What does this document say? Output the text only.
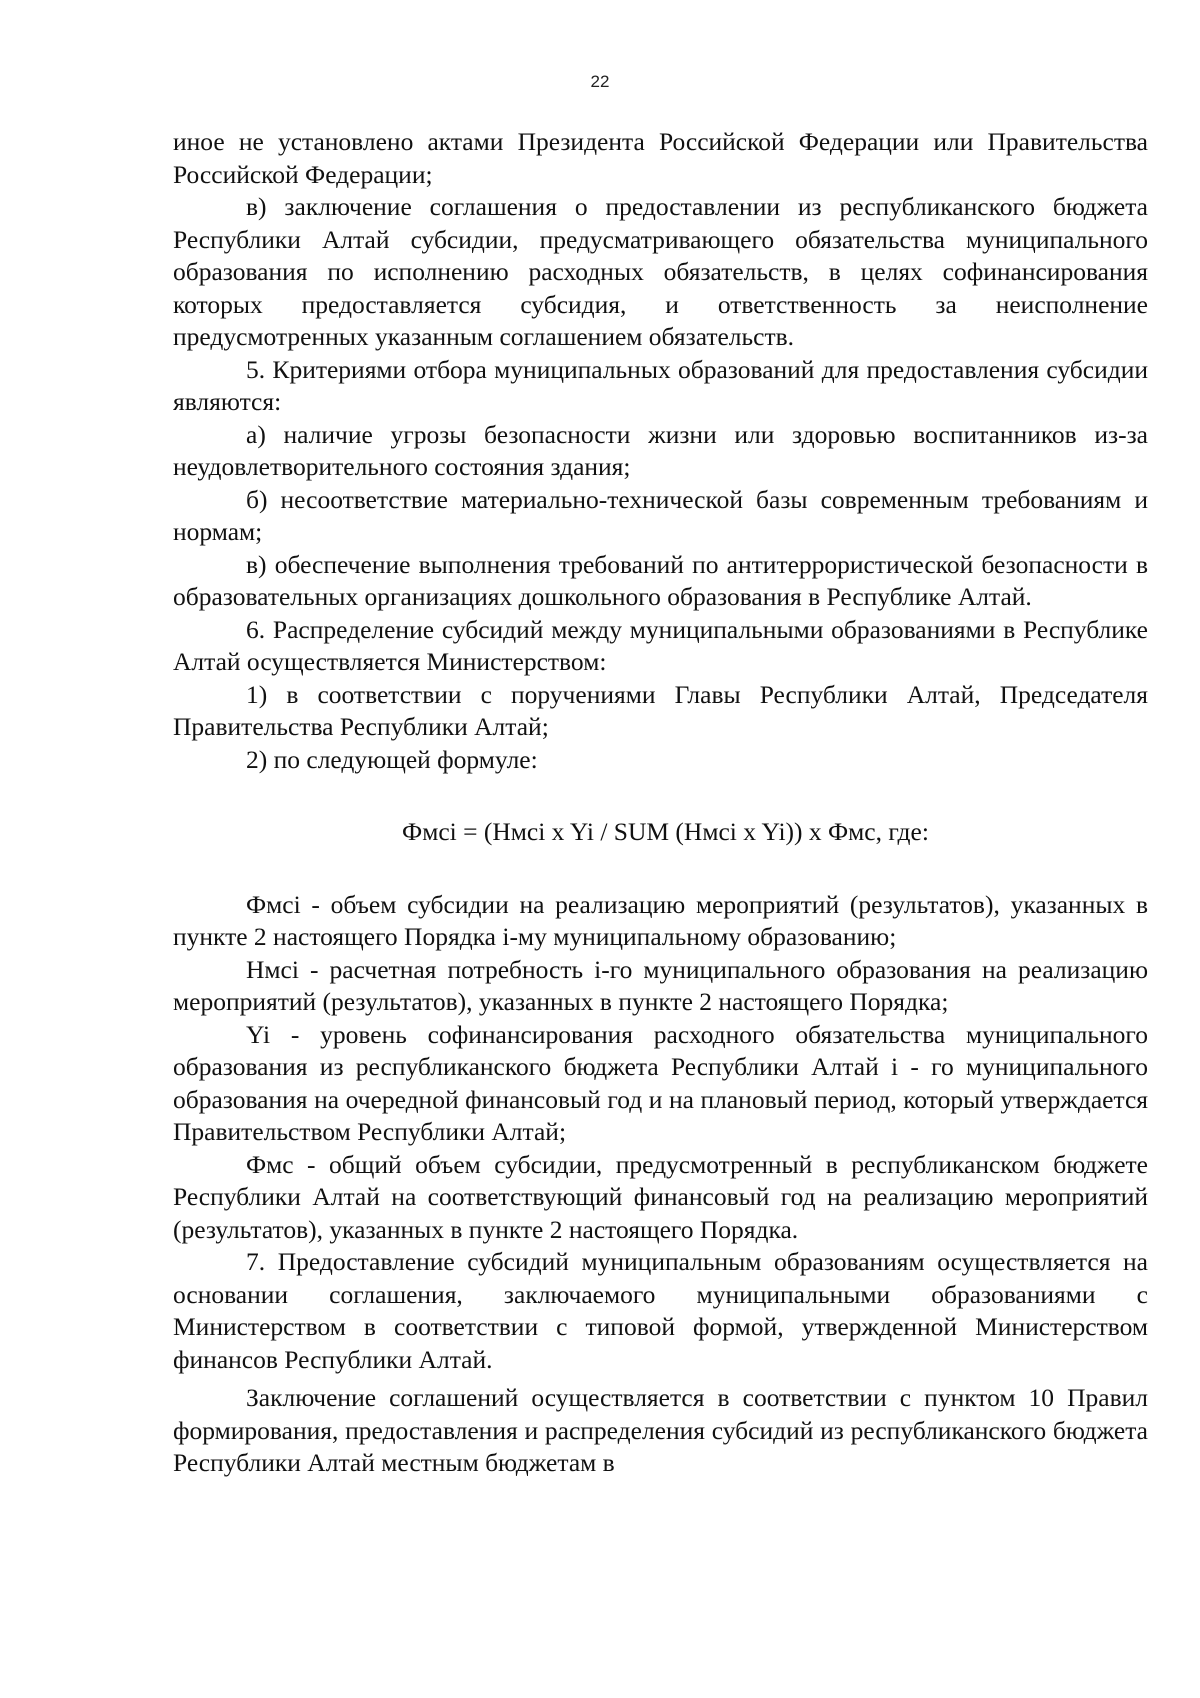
22

иное не установлено актами Президента Российской Федерации или Правительства Российской Федерации;

в) заключение соглашения о предоставлении из республиканского бюджета Республики Алтай субсидии, предусматривающего обязательства муниципального образования по исполнению расходных обязательств, в целях софинансирования которых предоставляется субсидия, и ответственность за неисполнение предусмотренных указанным соглашением обязательств.

5. Критериями отбора муниципальных образований для предоставления субсидии являются:

а) наличие угрозы безопасности жизни или здоровью воспитанников из-за неудовлетворительного состояния здания;

б) несоответствие материально-технической базы современным требованиям и нормам;

в) обеспечение выполнения требований по антитеррористической безопасности в образовательных организациях дошкольного образования в Республике Алтай.

6. Распределение субсидий между муниципальными образованиями в Республике Алтай осуществляется Министерством:

1) в соответствии с поручениями Главы Республики Алтай, Председателя Правительства Республики Алтай;

2) по следующей формуле:

Фмсi = (Нмсi x Yi / SUM (Нмсi x Yi)) x Фмс, где:

Фмсi - объем субсидии на реализацию мероприятий (результатов), указанных в пункте 2 настоящего Порядка i-му муниципальному образованию;

Нмсi - расчетная потребность i-го муниципального образования на реализацию мероприятий (результатов), указанных в пункте 2 настоящего Порядка;

Yi - уровень софинансирования расходного обязательства муниципального образования из республиканского бюджета Республики Алтай i - го муниципального образования на очередной финансовый год и на плановый период, который утверждается Правительством Республики Алтай;

Фмс - общий объем субсидии, предусмотренный в республиканском бюджете Республики Алтай на соответствующий финансовый год на реализацию мероприятий (результатов), указанных в пункте 2 настоящего Порядка.

7. Предоставление субсидий муниципальным образованиям осуществляется на основании соглашения, заключаемого муниципальными образованиями с Министерством в соответствии с типовой формой, утвержденной Министерством финансов Республики Алтай.

Заключение соглашений осуществляется в соответствии с пунктом 10 Правил формирования, предоставления и распределения субсидий из республиканского бюджета Республики Алтай местным бюджетам в
